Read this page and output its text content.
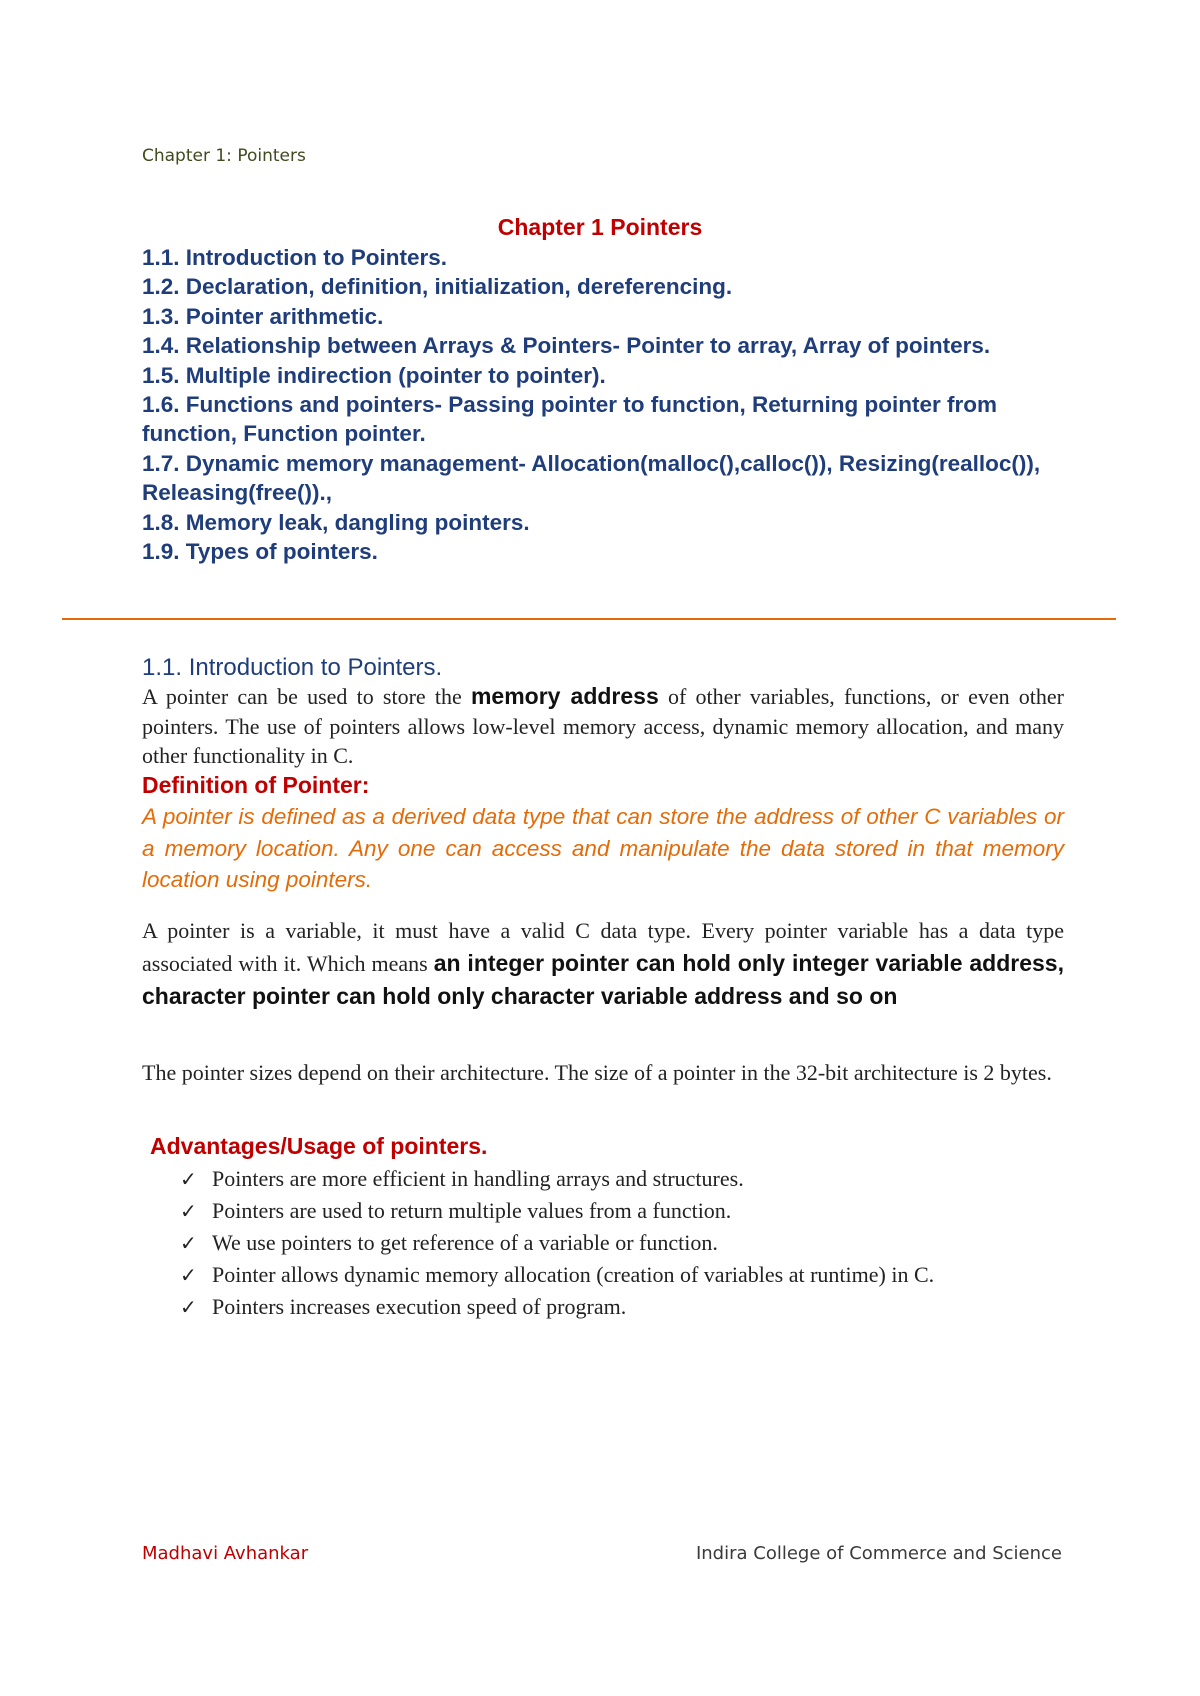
Chapter 1: Pointers
Chapter 1 Pointers

1.1. Introduction to Pointers.

1.2. Declaration, definition, initialization, dereferencing.

1.3. Pointer arithmetic.

1.4. Relationship between Arrays & Pointers- Pointer to array, Array of pointers.

1.5. Multiple indirection (pointer to pointer).

1.6. Functions and pointers- Passing pointer to function, Returning pointer from function, Function pointer.

1.7. Dynamic memory management- Allocation(malloc(),calloc()), Resizing(realloc()), Releasing(free()).,

1.8. Memory leak, dangling pointers.

1.9. Types of pointers.

1.1. Introduction to Pointers.
A pointer can be used to store the memory address of other variables, functions, or even other pointers. The use of pointers allows low-level memory access, dynamic memory allocation, and many other functionality in C.
Definition of Pointer:
A pointer is defined as a derived data type that can store the address of other C variables or a memory location. Any one can access and manipulate the data stored in that memory location using pointers.
A pointer is a variable, it must have a valid C data type. Every pointer variable has a data type associated with it. Which means an integer pointer can hold only integer variable address, character pointer can hold only character variable address and so on
The pointer sizes depend on their architecture. The size of a pointer in the 32-bit architecture is 2 bytes.
Advantages/Usage of pointers.
✓ Pointers are more efficient in handling arrays and structures.
✓ Pointers are used to return multiple values from a function.
✓ We use pointers to get reference of a variable or function.
✓ Pointer allows dynamic memory allocation (creation of variables at runtime) in C.
✓ Pointers increases execution speed of program.
Madhavi Avhankar	Indira College of Commerce and Science
